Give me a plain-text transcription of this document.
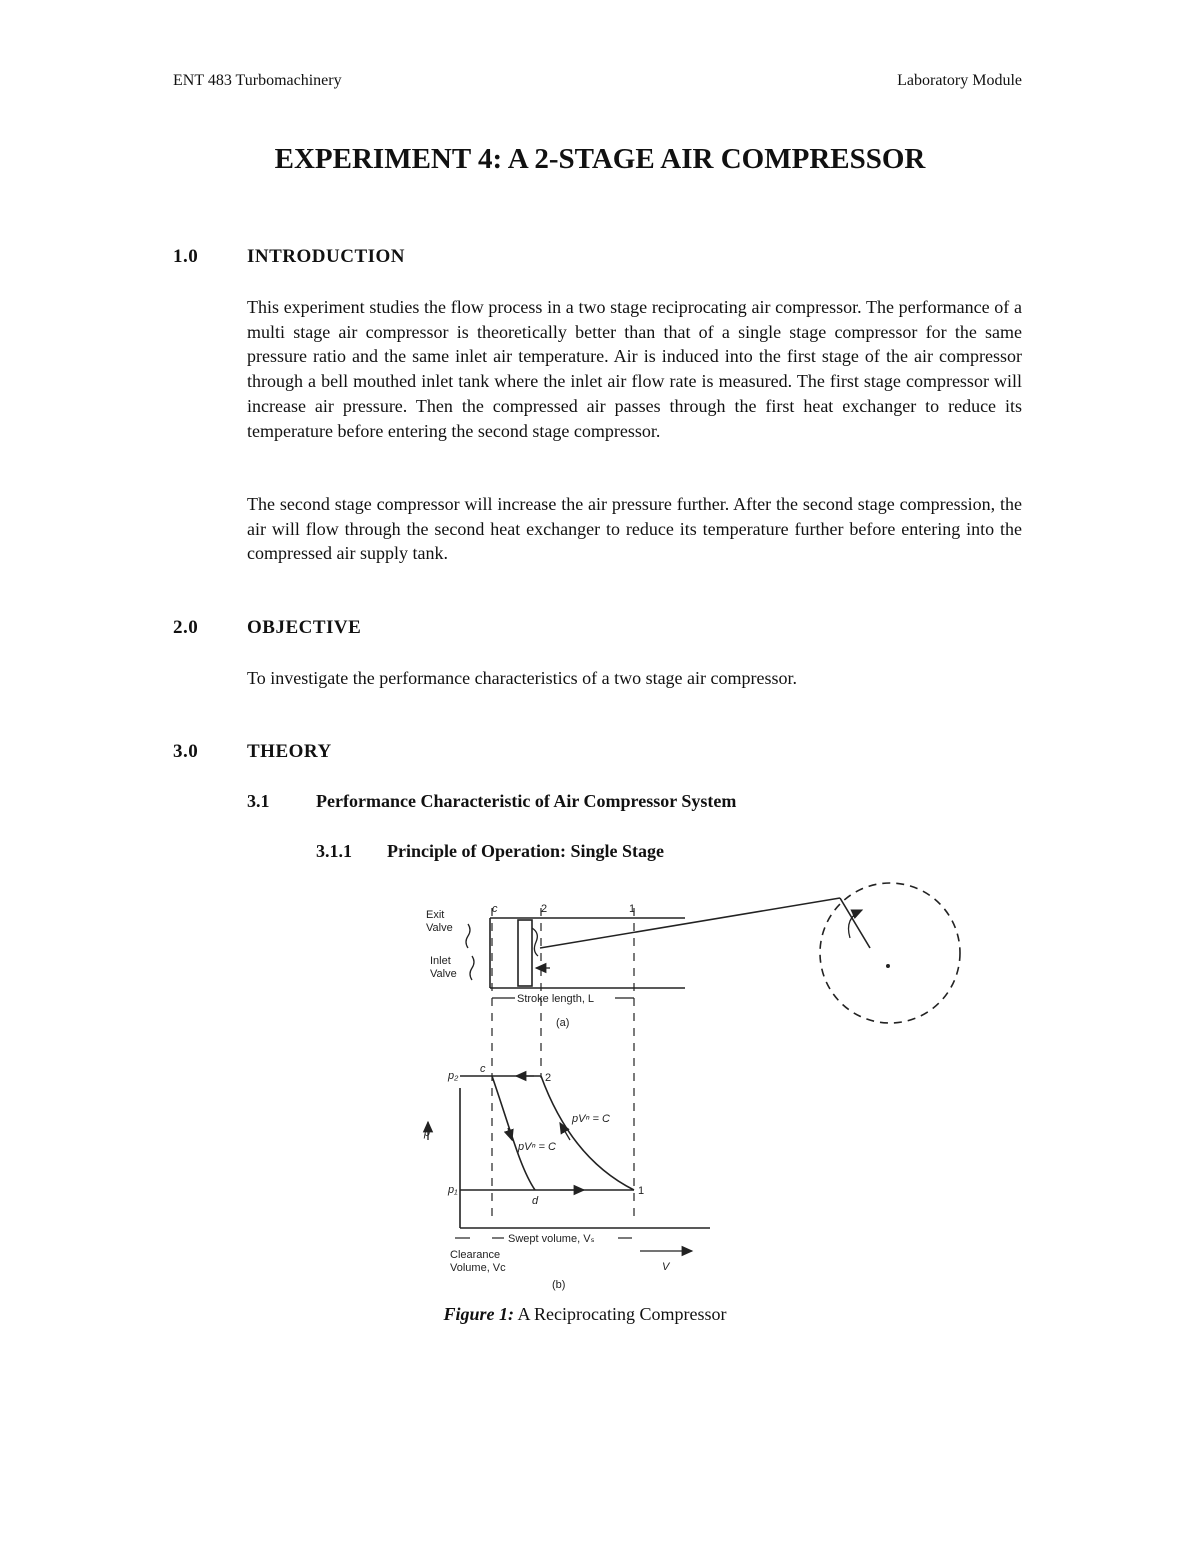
ENT 483 Turbomachinery	Laboratory Module
EXPERIMENT 4: A 2-STAGE AIR COMPRESSOR
1.0	INTRODUCTION
This experiment studies the flow process in a two stage reciprocating air compressor. The performance of a multi stage air compressor is theoretically better than that of a single stage compressor for the same pressure ratio and the same inlet air temperature. Air is induced into the first stage of the air compressor through a bell mouthed inlet tank where the inlet air flow rate is measured. The first stage compressor will increase air pressure. Then the compressed air passes through the first heat exchanger to reduce its temperature before entering the second stage compressor.
The second stage compressor will increase the air pressure further. After the second stage compression, the air will flow through the second heat exchanger to reduce its temperature further before entering into the compressed air supply tank.
2.0	OBJECTIVE
To investigate the performance characteristics of a two stage air compressor.
3.0	THEORY
3.1	Performance Characteristic of Air Compressor System
3.1.1 Principle of Operation: Single Stage
c	2	1
Exit
Valve
Inlet
Valve
Stroke length, L
(a)
p₂
p₁
p
c
2
1
d
pVⁿ = C
pVⁿ = C
Swept volume, Vₛ
Clearance
Volume, Vᴄ	V
(b)
Figure 1: A Reciprocating Compressor
